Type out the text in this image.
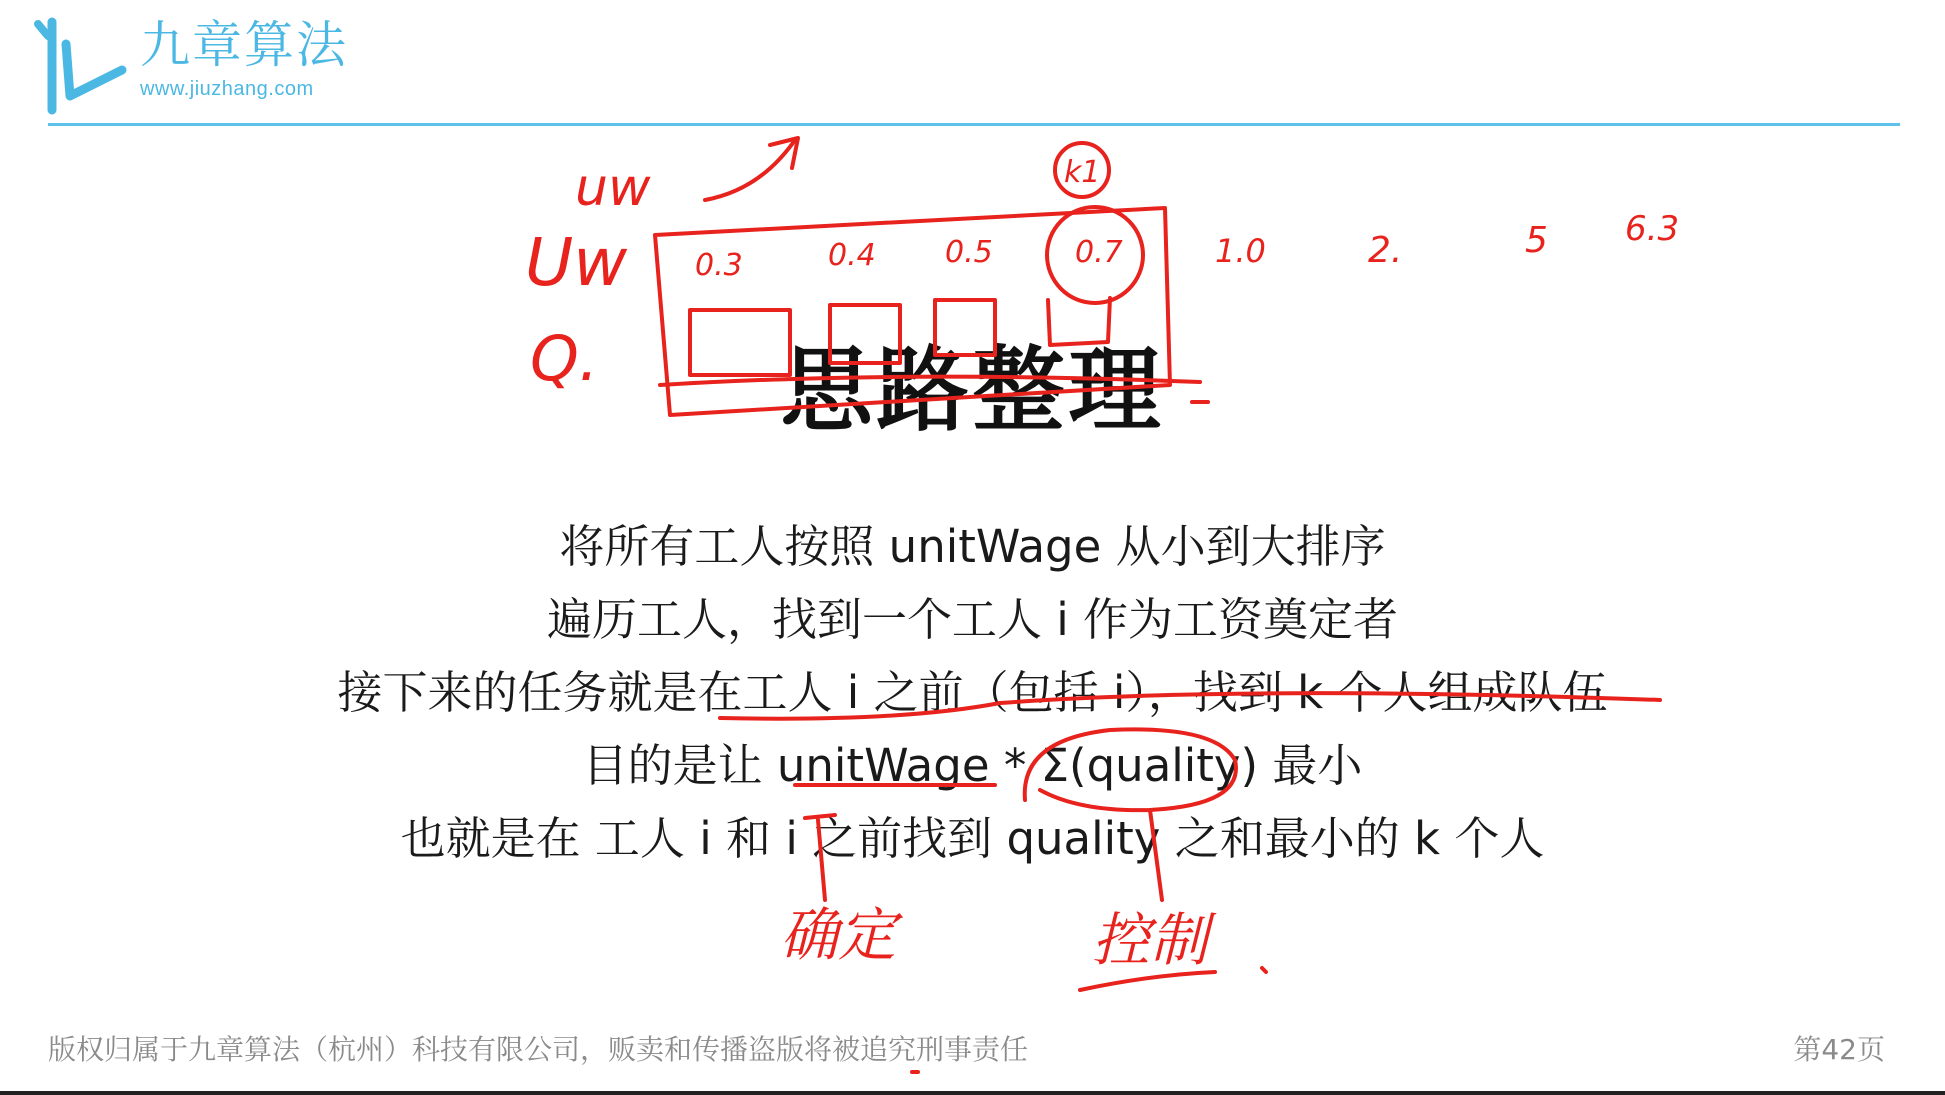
九章算法
www.jiuzhang.com
思路整理
将所有工人按照 unitWage 从小到大排序
遍历工人，找到一个工人 i 作为工资奠定者
接下来的任务就是在工人 i 之前（包括 i），找到 k 个人组成队伍
目的是让 unitWage * Σ(quality) 最小
也就是在 工人 i 和 i 之前找到 quality 之和最小的 k 个人
uw
Uw
Q.
k1
0.3	0.4 0.5	0.7	1.0	2.	5 6.3
确定	控制
版权归属于九章算法（杭州）科技有限公司，贩卖和传播盗版将被追究刑事责任	第42页
